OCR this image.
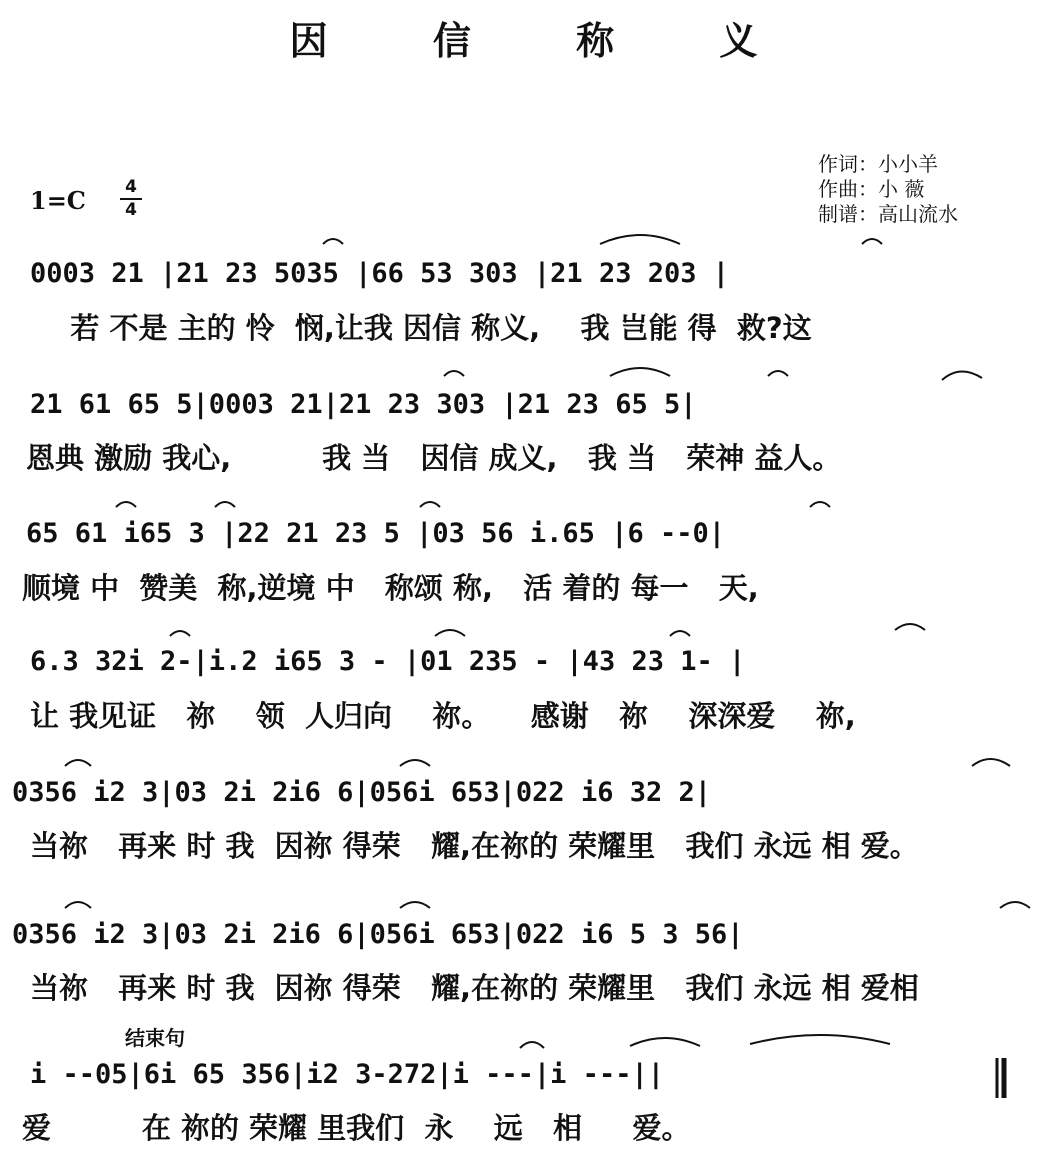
因 信 称 义
1=C	4
4
作词：小小羊
作曲：小 薇
制谱：高山流水
结束句
0003 21 |21 23 5035 |66 53 303 |21 23 203 |
若 不是 主的 怜  悯,让我 因信 称义,    我 岂能 得  救?这
21 61 65 5|0003 21|21 23 303 |21 23 65 5|
恩典 激励 我心,         我 当   因信 成义,   我 当   荣神 益人。
65 61 i65 3 |22 21 23 5 |03 56 i.65 |6 --0|
顺境 中  赞美  称,逆境 中   称颂 称,   活 着的 每一   天,
6.3 32i 2-|i.2 i65 3 - |01 235 - |43 23 1- |
让 我见证   祢    领  人归向    祢。    感谢   祢    深深爱    祢,
0356 i2 3|03 2i 2i6 6|056i 653|022 i6 32 2|
当祢   再来 时 我  因祢 得荣   耀,在祢的 荣耀里   我们 永远 相 爱。
0356 i2 3|03 2i 2i6 6|056i 653|022 i6 5 3 56|
当祢   再来 时 我  因祢 得荣   耀,在祢的 荣耀里   我们 永远 相 爱相
i --05|6i 65 356|i2 3-272|i ---|i ---||
爱         在 祢的 荣耀 里我们  永    远   相     爱。
